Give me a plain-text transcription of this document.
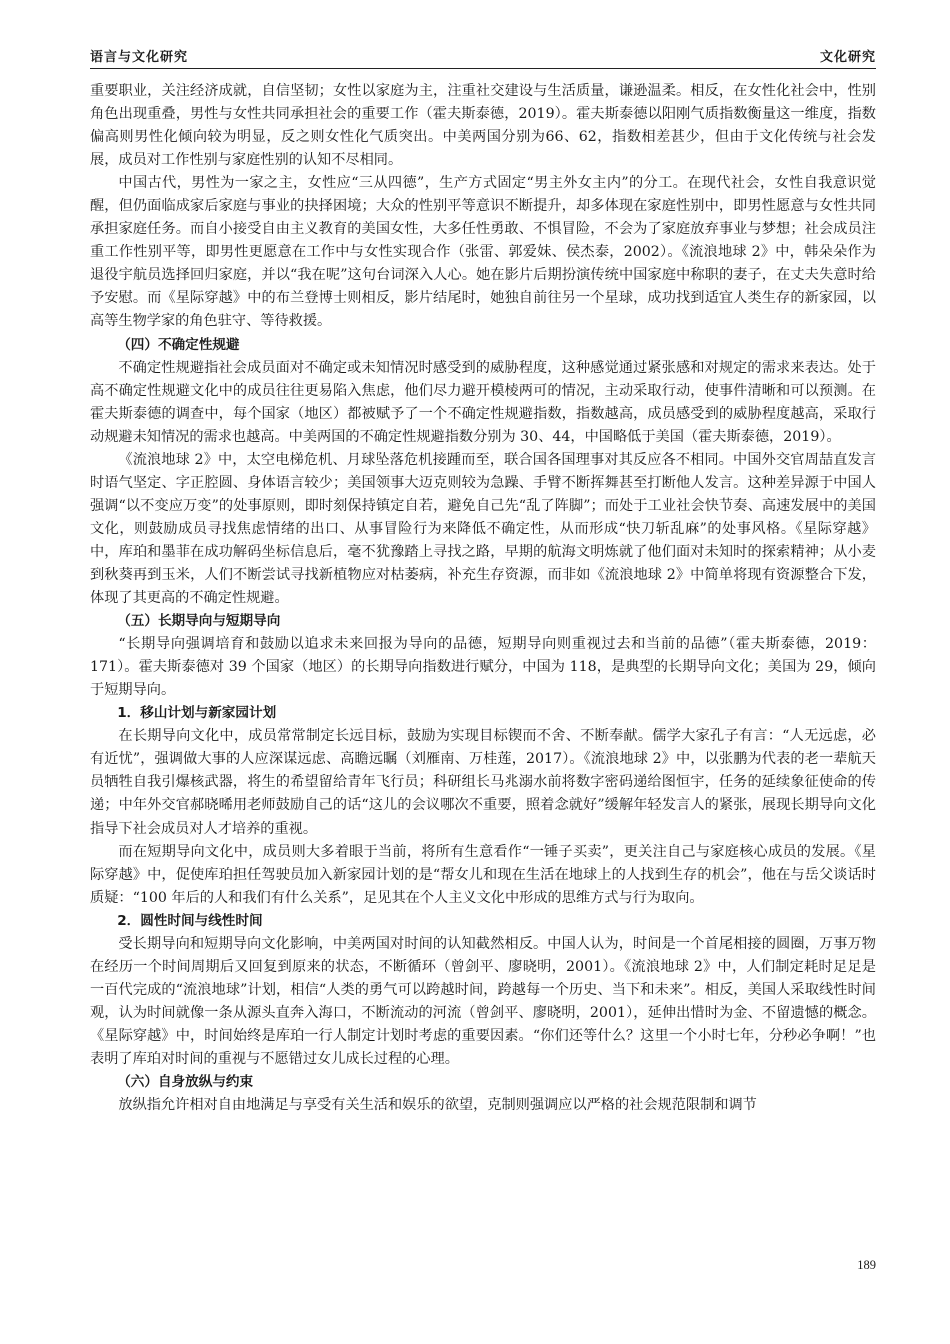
语言与文化研究	文化研究

重要职业，关注经济成就，自信坚韧；女性以家庭为主，注重社交建设与生活质量，谦逊温柔。相反，在女性化社会中，性别角色出现重叠，男性与女性共同承担社会的重要工作（霍夫斯泰德，2019）。霍夫斯泰德以阳刚气质指数衡量这一维度，指数偏高则男性化倾向较为明显，反之则女性化气质突出。中美两国分别为66、62，指数相差甚少，但由于文化传统与社会发展，成员对工作性别与家庭性别的认知不尽相同。

中国古代，男性为一家之主，女性应“三从四德”，生产方式固定“男主外女主内”的分工。在现代社会，女性自我意识觉醒，但仍面临成家后家庭与事业的抉择困境；大众的性别平等意识不断提升，却多体现在家庭性别中，即男性愿意与女性共同承担家庭任务。而自小接受自由主义教育的美国女性，大多任性勇敢、不惧冒险，不会为了家庭放弃事业与梦想；社会成员注重工作性别平等，即男性更愿意在工作中与女性实现合作（张雷、郭爱妹、侯杰泰，2002）。《流浪地球 2》中，韩朵朵作为退役宇航员选择回归家庭，并以“我在呢”这句台词深入人心。她在影片后期扮演传统中国家庭中称职的妻子，在丈夫失意时给予安慰。而《星际穿越》中的布兰登博士则相反，影片结尾时，她独自前往另一个星球，成功找到适宜人类生存的新家园，以高等生物学家的角色驻守、等待救援。

（四）不确定性规避

不确定性规避指社会成员面对不确定或未知情况时感受到的威胁程度，这种感觉通过紧张感和对规定的需求来表达。处于高不确定性规避文化中的成员往往更易陷入焦虑，他们尽力避开模棱两可的情况，主动采取行动，使事件清晰和可以预测。在霍夫斯泰德的调查中，每个国家（地区）都被赋予了一个不确定性规避指数，指数越高，成员感受到的威胁程度越高，采取行动规避未知情况的需求也越高。中美两国的不确定性规避指数分别为 30、44，中国略低于美国（霍夫斯泰德，2019）。

《流浪地球 2》中，太空电梯危机、月球坠落危机接踵而至，联合国各国理事对其反应各不相同。中国外交官周喆直发言时语气坚定、字正腔圆、身体语言较少；美国领事大迈克则较为急躁、手臂不断挥舞甚至打断他人发言。这种差异源于中国人强调“以不变应万变”的处事原则，即时刻保持镇定自若，避免自己先“乱了阵脚”；而处于工业社会快节奏、高速发展中的美国文化，则鼓励成员寻找焦虑情绪的出口、从事冒险行为来降低不确定性，从而形成“快刀斩乱麻”的处事风格。《星际穿越》中，库珀和墨菲在成功解码坐标信息后，毫不犹豫踏上寻找之路，早期的航海文明炼就了他们面对未知时的探索精神；从小麦到秋葵再到玉米，人们不断尝试寻找新植物应对枯萎病，补充生存资源，而非如《流浪地球 2》中简单将现有资源整合下发，体现了其更高的不确定性规避。

（五）长期导向与短期导向

“长期导向强调培育和鼓励以追求未来回报为导向的品德，短期导向则重视过去和当前的品德”（霍夫斯泰德，2019：171）。霍夫斯泰德对 39 个国家（地区）的长期导向指数进行赋分，中国为 118，是典型的长期导向文化；美国为 29，倾向于短期导向。

1．移山计划与新家园计划

在长期导向文化中，成员常常制定长远目标，鼓励为实现目标锲而不舍、不断奉献。儒学大家孔子有言：“人无远虑，必有近忧”，强调做大事的人应深谋远虑、高瞻远瞩（刘雁南、万桂莲，2017）。《流浪地球 2》中，以张鹏为代表的老一辈航天员牺牲自我引爆核武器，将生的希望留给青年飞行员；科研组长马兆溺水前将数字密码递给图恒宇，任务的延续象征使命的传递；中年外交官郝晓晞用老师鼓励自己的话“这儿的会议哪次不重要，照着念就好”缓解年轻发言人的紧张，展现长期导向文化指导下社会成员对人才培养的重视。

而在短期导向文化中，成员则大多着眼于当前，将所有生意看作“一锤子买卖”，更关注自己与家庭核心成员的发展。《星际穿越》中，促使库珀担任驾驶员加入新家园计划的是“帮女儿和现在生活在地球上的人找到生存的机会”，他在与岳父谈话时质疑：“100 年后的人和我们有什么关系”，足见其在个人主义文化中形成的思维方式与行为取向。

2．圆性时间与线性时间

受长期导向和短期导向文化影响，中美两国对时间的认知截然相反。中国人认为，时间是一个首尾相接的圆圈，万事万物在经历一个时间周期后又回复到原来的状态，不断循环（曾剑平、廖晓明，2001）。《流浪地球 2》中，人们制定耗时足足是一百代完成的“流浪地球”计划，相信“人类的勇气可以跨越时间，跨越每一个历史、当下和未来”。相反，美国人采取线性时间观，认为时间就像一条从源头直奔入海口，不断流动的河流（曾剑平、廖晓明，2001），延伸出惜时为金、不留遗憾的概念。《星际穿越》中，时间始终是库珀一行人制定计划时考虑的重要因素。“你们还等什么？这里一个小时七年，分秒必争啊！”也表明了库珀对时间的重视与不愿错过女儿成长过程的心理。

（六）自身放纵与约束

放纵指允许相对自由地满足与享受有关生活和娱乐的欲望，克制则强调应以严格的社会规范限制和调节

189
